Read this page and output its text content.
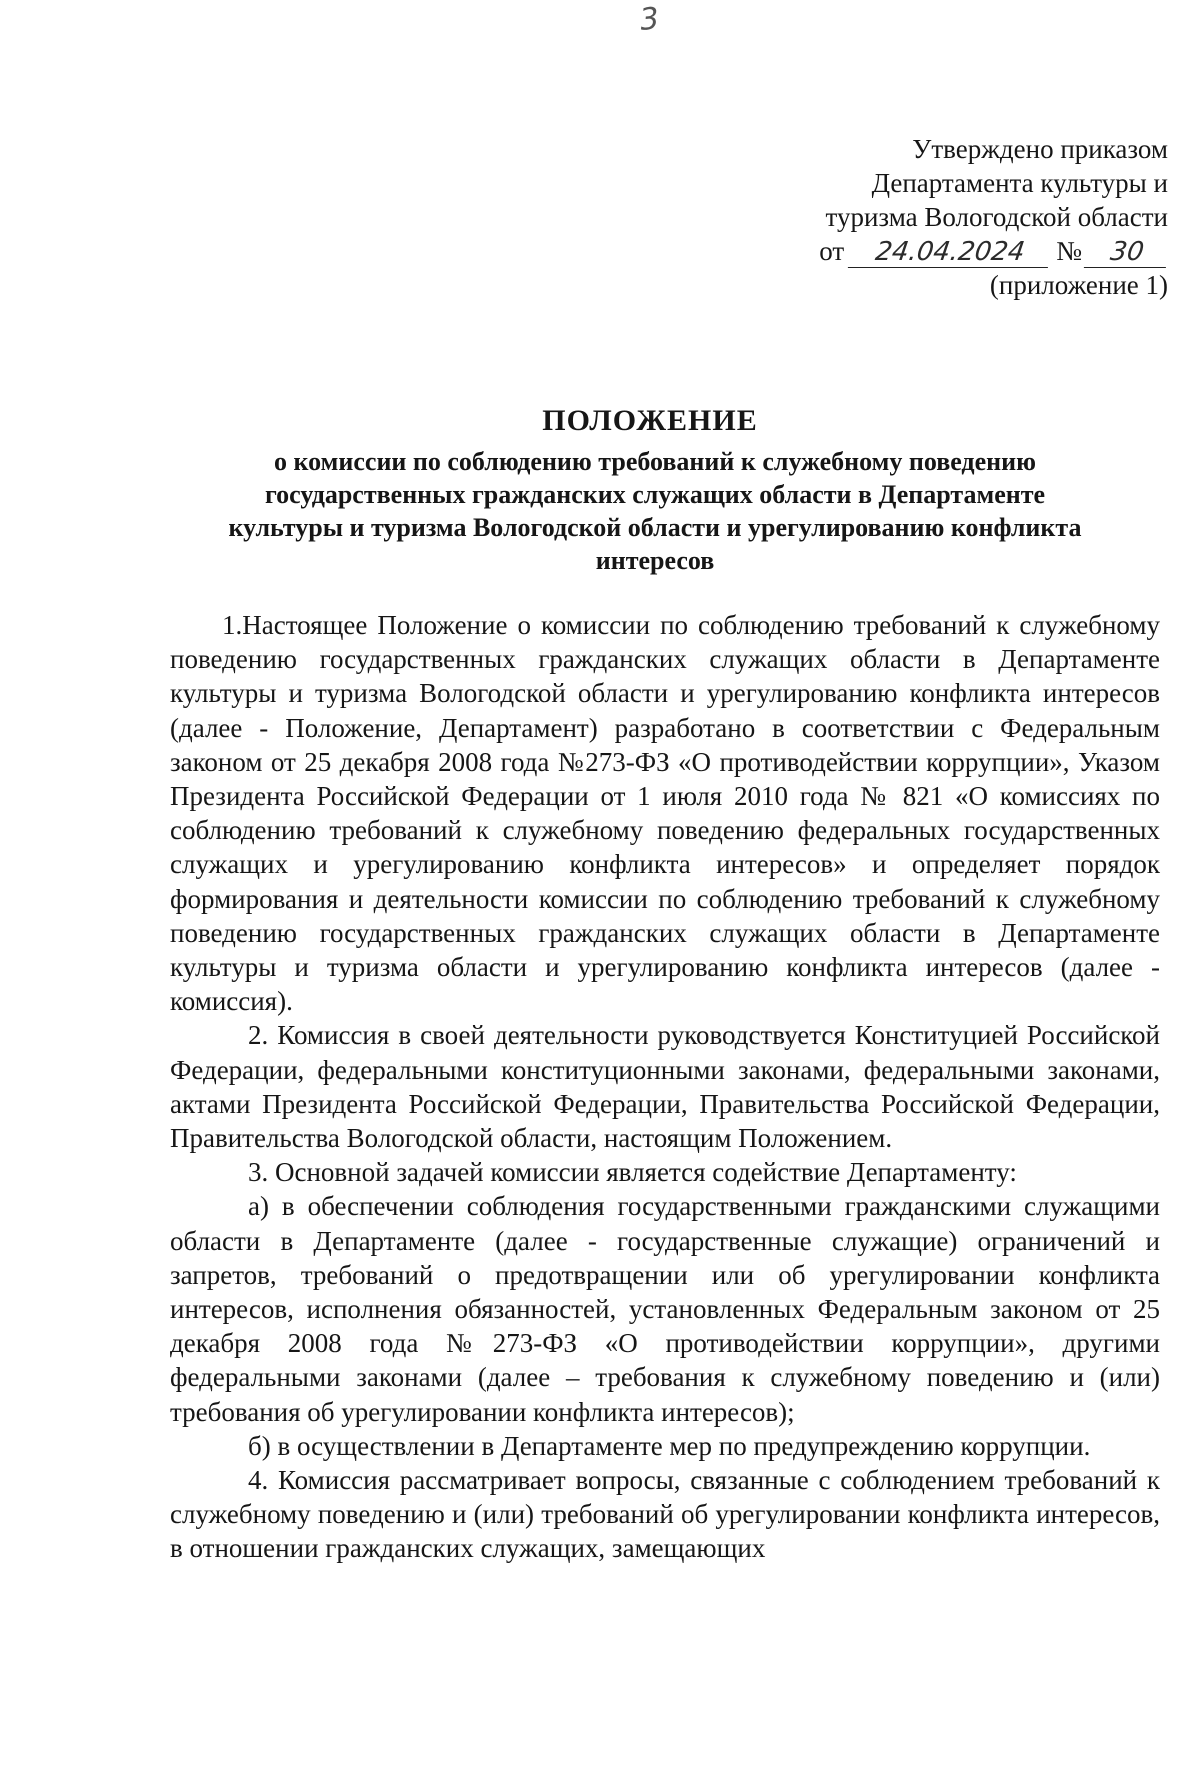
3
Утверждено приказом
Департамента культуры и
туризма Вологодской области
от 24.04.2024 № 30
(приложение 1)
ПОЛОЖЕНИЕ
о комиссии по соблюдению требований к служебному поведению
государственных гражданских служащих области в Департаменте
культуры и туризма Вологодской области и урегулированию конфликта
интересов

1.Настоящее Положение о комиссии по соблюдению требований к служебному поведению государственных гражданских служащих области в Департаменте культуры и туризма Вологодской области и урегулированию конфликта интересов (далее - Положение, Департамент) разработано в соответствии с Федеральным законом от 25 декабря 2008 года №273-ФЗ «О противодействии коррупции», Указом Президента Российской Федерации от 1 июля 2010 года № 821 «О комиссиях по соблюдению требований к служебному поведению федеральных государственных служащих и урегулированию конфликта интересов» и определяет порядок формирования и деятельности комиссии по соблюдению требований к служебному поведению государственных гражданских служащих области в Департаменте культуры и туризма области и урегулированию конфликта интересов (далее - комиссия).

2. Комиссия в своей деятельности руководствуется Конституцией Российской Федерации, федеральными конституционными законами, федеральными законами, актами Президента Российской Федерации, Правительства Российской Федерации, Правительства Вологодской области, настоящим Положением.

3. Основной задачей комиссии является содействие Департаменту:

а) в обеспечении соблюдения государственными гражданскими служащими области в Департаменте (далее - государственные служащие) ограничений и запретов, требований о предотвращении или об урегулировании конфликта интересов, исполнения обязанностей, установленных Федеральным законом от 25 декабря 2008 года №273-ФЗ «О противодействии коррупции», другими федеральными законами (далее – требования к служебному поведению и (или) требования об урегулировании конфликта интересов);

б) в осуществлении в Департаменте мер по предупреждению коррупции.

4. Комиссия рассматривает вопросы, связанные с соблюдением требований к служебному поведению и (или) требований об урегулировании конфликта интересов, в отношении гражданских служащих, замещающих
